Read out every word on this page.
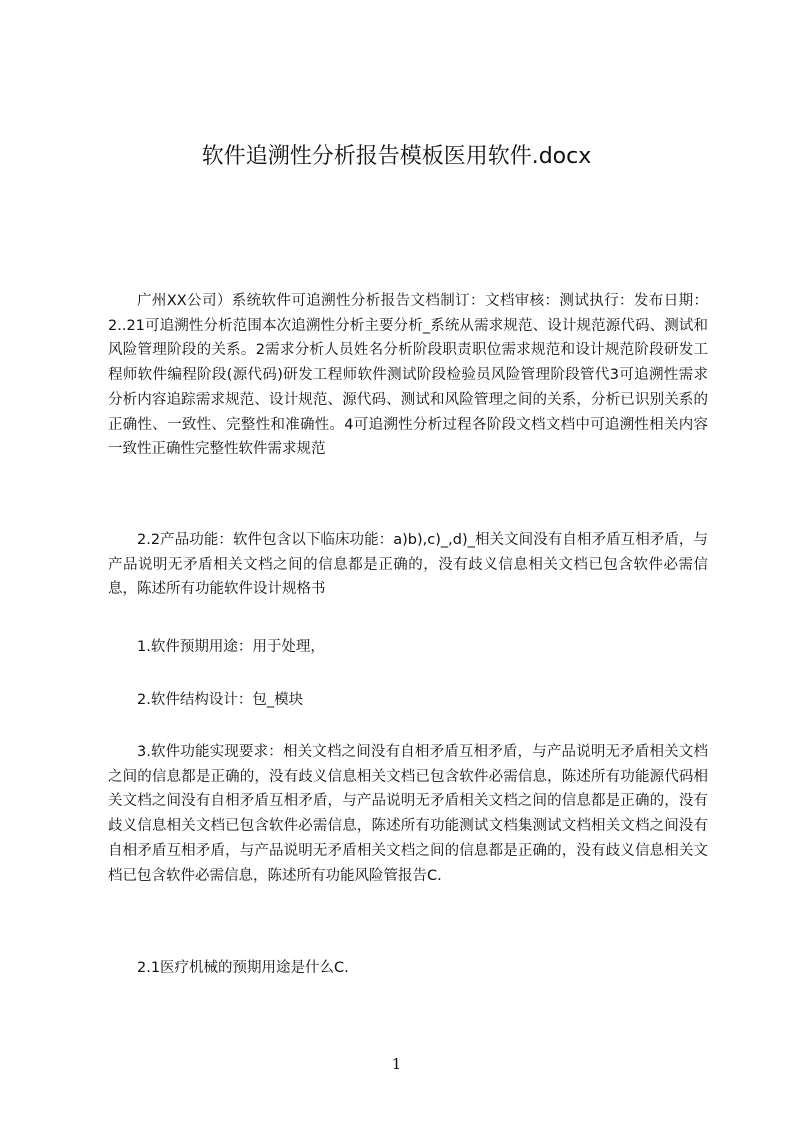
软件追溯性分析报告模板医用软件.docx

广州XX公司）系统软件可追溯性分析报告文档制订：文档审核：测试执行：发布日期：2..21可追溯性分析范围本次追溯性分析主要分析_系统从需求规范、设计规范源代码、测试和风险管理阶段的关系。2需求分析人员姓名分析阶段职责职位需求规范和设计规范阶段研发工程师软件编程阶段(源代码)研发工程师软件测试阶段检验员风险管理阶段管代3可追溯性需求分析内容追踪需求规范、设计规范、源代码、测试和风险管理之间的关系，分析已识别关系的正确性、一致性、完整性和准确性。4可追溯性分析过程各阶段文档文档中可追溯性相关内容一致性正确性完整性软件需求规范

2.2产品功能：软件包含以下临床功能：a)b),c)_,d)_相关文间没有自相矛盾互相矛盾，与产品说明无矛盾相关文档之间的信息都是正确的，没有歧义信息相关文档已包含软件必需信息，陈述所有功能软件设计规格书

1.软件预期用途：用于处理，

2.软件结构设计：包_模块

3.软件功能实现要求：相关文档之间没有自相矛盾互相矛盾，与产品说明无矛盾相关文档之间的信息都是正确的，没有歧义信息相关文档已包含软件必需信息，陈述所有功能源代码相关文档之间没有自相矛盾互相矛盾，与产品说明无矛盾相关文档之间的信息都是正确的，没有歧义信息相关文档已包含软件必需信息，陈述所有功能测试文档集测试文档相关文档之间没有自相矛盾互相矛盾，与产品说明无矛盾相关文档之间的信息都是正确的，没有歧义信息相关文档已包含软件必需信息，陈述所有功能风险管报告C.

2.1医疗机械的预期用途是什么C.

1
